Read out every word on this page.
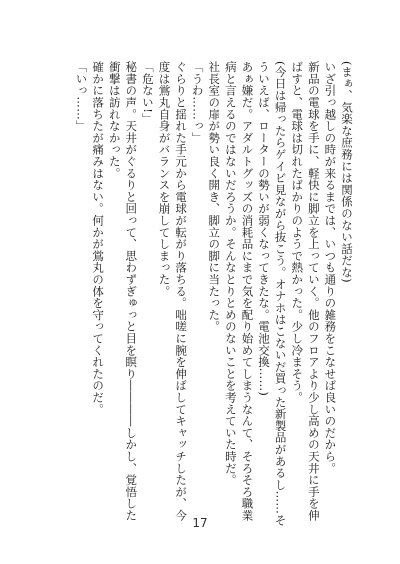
(まぁ、気楽な庶務には関係のない話だな)
いざ引っ越しの時が来るまでは、いつも通りの雑務をこなせば良いのだから。
新品の電球を手に、軽快に脚立を上っていく。他のフロアより少し高めの天井に手を伸
ばすと、電球は切れたばかりのようで熱かった。少し冷まそう。
(今日は帰ったらゲイビ見ながら抜こう。オナホはこないだ買った新製品があるし……そ
ういえば、ローターの勢いが弱くなってきたな。電池交換……)
あぁ嫌だ。アダルトグッズの消耗品にまで気を配り始めてしまうなんて、そろそろ職業
病と言えるのではないだろうか。そんなとりとめのないことを考えていた時だ。
社長室の扉が勢い良く開き、脚立の脚に当たった。
「うわ……っ」
ぐらりと揺れた手元から電球が転がり落ちる。咄嗟に腕を伸ばしてキャッチしたが、今
度は鴬丸自身がバランスを崩してしまった。
「危ない!」
秘書の声。天井がぐるりと回って、思わずぎゅっと目を瞑り――――しかし、覚悟した
衝撃は訪れなかった。
確かに落ちたが痛みはない。何かが鴬丸の体を守ってくれたのだ。
「いっ……」
17
